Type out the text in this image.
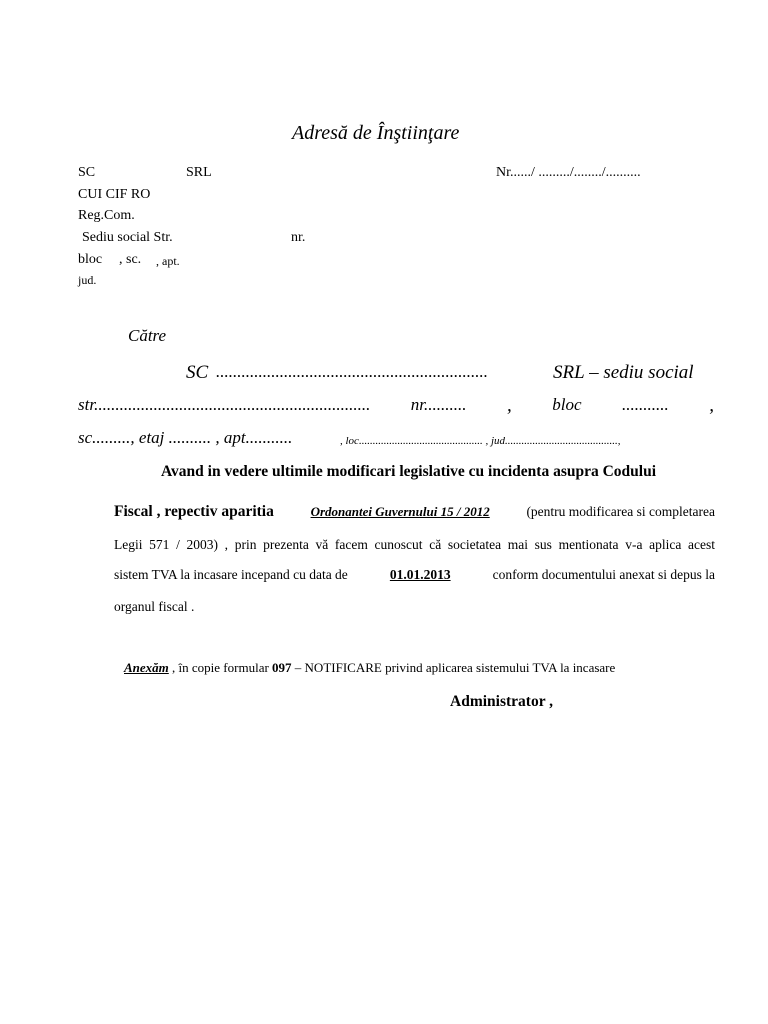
Adresă de Înştiinţare
SC	SRL	Nr....../ ........./......../..........
CUI CIF RO
Reg.Com.
Sediu social Str.	nr.
bloc , sc. , apt.
jud.
Către
SC ................................................................	SRL – sediu social
str................................................................. nr.......... , bloc ........... ,
sc........., etaj .......... , apt...........	, loc............................................. , jud.........................................,
Avand in vedere ultimile modificari legislative cu incidenta asupra Codului
Fiscal , repectiv aparitia	Ordonantei Guvernului 15 / 2012	(pentru modificarea si completarea
Legii 571 / 2003) , prin prezenta vă facem cunoscut că societatea mai sus mentionata v-a aplica acest
sistem TVA la incasare incepand cu data de	01.01.2013	conform documentului anexat si depus la
organul fiscal .
Anexăm , în copie formular 097 – NOTIFICARE privind aplicarea sistemului TVA la incasare
Administrator ,
